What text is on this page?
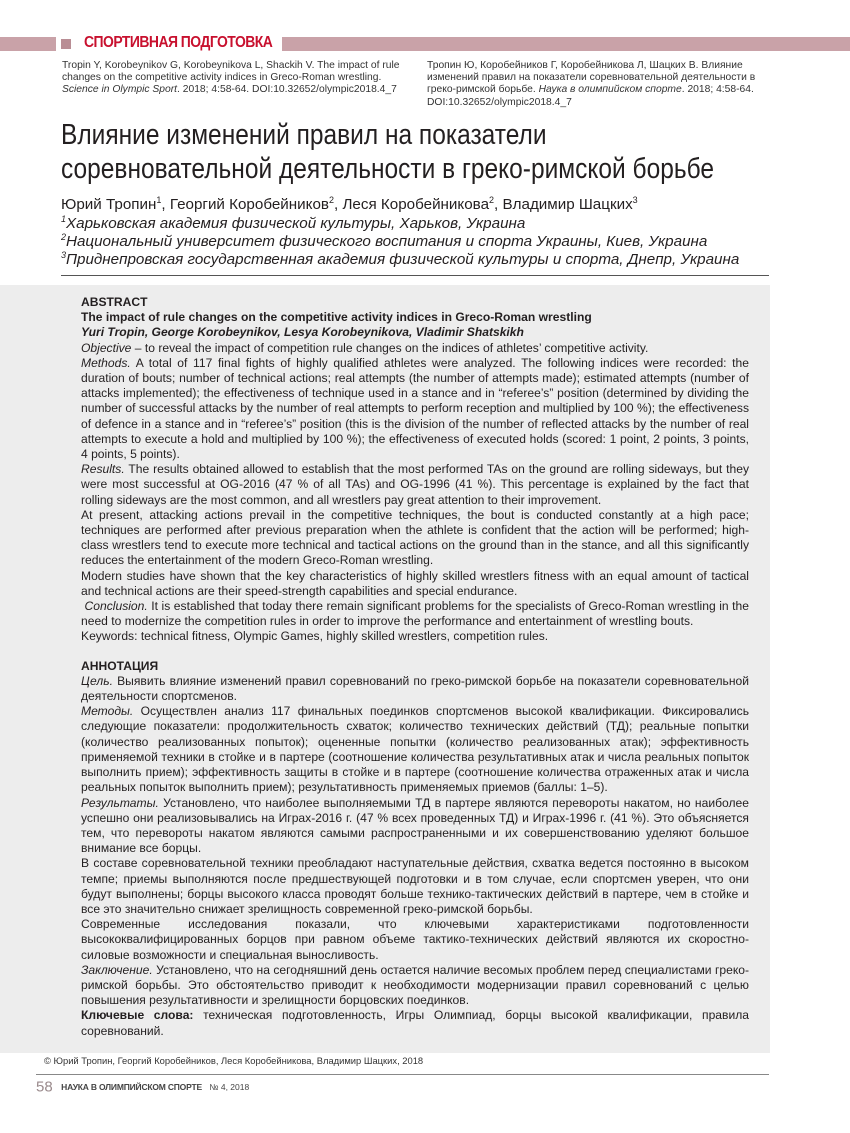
СПОРТИВНАЯ ПОДГОТОВКА
Tropin Y, Korobeynikov G, Korobeynikova L, Shackih V. The impact of rule changes on the competitive activity indices in Greco-Roman wrestling. Science in Olympic Sport. 2018; 4:58-64. DOI:10.32652/olympic2018.4_7
Тропин Ю, Коробейников Г, Коробейникова Л, Шацких В. Влияние изменений правил на показатели соревновательной деятельности в греко-римской борьбе. Наука в олимпийском спорте. 2018; 4:58-64. DOI:10.32652/olympic2018.4_7
Влияние изменений правил на показатели
соревновательной деятельности в греко-римской борьбе
Юрий Тропин$^1$, Георгий Коробейников$^2$, Леся Коробейникова$^2$, Владимир Шацких$^3$
$^1$Харьковская академия физической культуры, Харьков, Украина
$^2$Национальный университет физического воспитания и спорта Украины, Киев, Украина
$^3$Приднепровская государственная академия физической культуры и спорта, Днепр, Украина

ABSTRACT

The impact of rule changes on the competitive activity indices in Greco-Roman wrestling

Yuri Tropin, George Korobeynikov, Lesya Korobeynikova, Vladimir Shatskikh

Objective – to reveal the impact of competition rule changes on the indices of athletes’ competitive activity.

Methods. A total of 117 final fights of highly qualified athletes were analyzed. The following indices were recorded: the duration of bouts; number of technical actions; real attempts (the number of attempts made); estimated attempts (number of attacks implemented); the effectiveness of technique used in a stance and in “referee’s” position (determined by dividing the number of successful attacks by the number of real attempts to perform reception and multiplied by 100 %); the effectiveness of defence in a stance and in “referee’s” position (this is the division of the number of reflected attacks by the number of real attempts to execute a hold and multiplied by 100 %); the effectiveness of executed holds (scored: 1 point, 2 points, 3 points, 4 points, 5 points).

Results. The results obtained allowed to establish that the most performed TAs on the ground are rolling sideways, but they were most successful at OG-2016 (47 % of all TAs) and OG-1996 (41 %). This percentage is explained by the fact that rolling sideways are the most common, and all wrestlers pay great attention to their improvement.

At present, attacking actions prevail in the competitive techniques, the bout is conducted constantly at a high pace; techniques are performed after previous preparation when the athlete is confident that the action will be performed; high-class wrestlers tend to execute more technical and tactical actions on the ground than in the stance, and all this significantly reduces the entertainment of the modern Greco-Roman wrestling.

Modern studies have shown that the key characteristics of highly skilled wrestlers fitness with an equal amount of tactical and technical actions are their speed-strength capabilities and special endurance.

Conclusion. It is established that today there remain significant problems for the specialists of Greco-Roman wrestling in the need to modernize the competition rules in order to improve the performance and entertainment of wrestling bouts.

Keywords: technical fitness, Olympic Games, highly skilled wrestlers, competition rules.

АННОТАЦИЯ

Цель. Выявить влияние изменений правил соревнований по греко-римской борьбе на показатели соревновательной деятельности спортсменов.

Методы. Осуществлен анализ 117 финальных поединков спортсменов высокой квалификации. Фиксировались следующие показатели: продолжительность схваток; количество технических действий (ТД); реальные попытки (количество реализованных попыток); оцененные попытки (количество реализованных атак); эффективность применяемой техники в стойке и в партере (соотношение количества результативных атак и числа реальных попыток выполнить прием); эффективность защиты в стойке и в партере (соотношение количества отраженных атак и числа реальных попыток выполнить прием); результативность применяемых приемов (баллы: 1–5).

Результаты. Установлено, что наиболее выполняемыми ТД в партере являются перевороты накатом, но наиболее успешно они реализовывались на Играх-2016 г. (47 % всех проведенных ТД) и Играх-1996 г. (41 %). Это объясняется тем, что перевороты накатом являются самыми распространенными и их совершенствованию уделяют большое внимание все борцы.

В составе соревновательной техники преобладают наступательные действия, схватка ведется постоянно в высоком темпе; приемы выполняются после предшествующей подготовки и в том случае, если спортсмен уверен, что они будут выполнены; борцы высокого класса проводят больше технико-тактических действий в партере, чем в стойке и все это значительно снижает зрелищность современной греко-римской борьбы.

Современные исследования показали, что ключевыми характеристиками подготовленности высококвалифицированных борцов при равном объеме тактико-технических действий являются их скоростно-силовые возможности и специальная выносливость.

Заключение. Установлено, что на сегодняшний день остается наличие весомых проблем перед специалистами греко-римской борьбы. Это обстоятельство приводит к необходимости модернизации правил соревнований с целью повышения результативности и зрелищности борцовских поединков.

Ключевые слова: техническая подготовленность, Игры Олимпиад, борцы высокой квалификации, правила соревнований.

© Юрий Тропин, Георгий Коробейников, Леся Коробейникова, Владимир Шацких, 2018
58 НАУКА В ОЛИМПИЙСКОМ СПОРТЕ № 4, 2018
